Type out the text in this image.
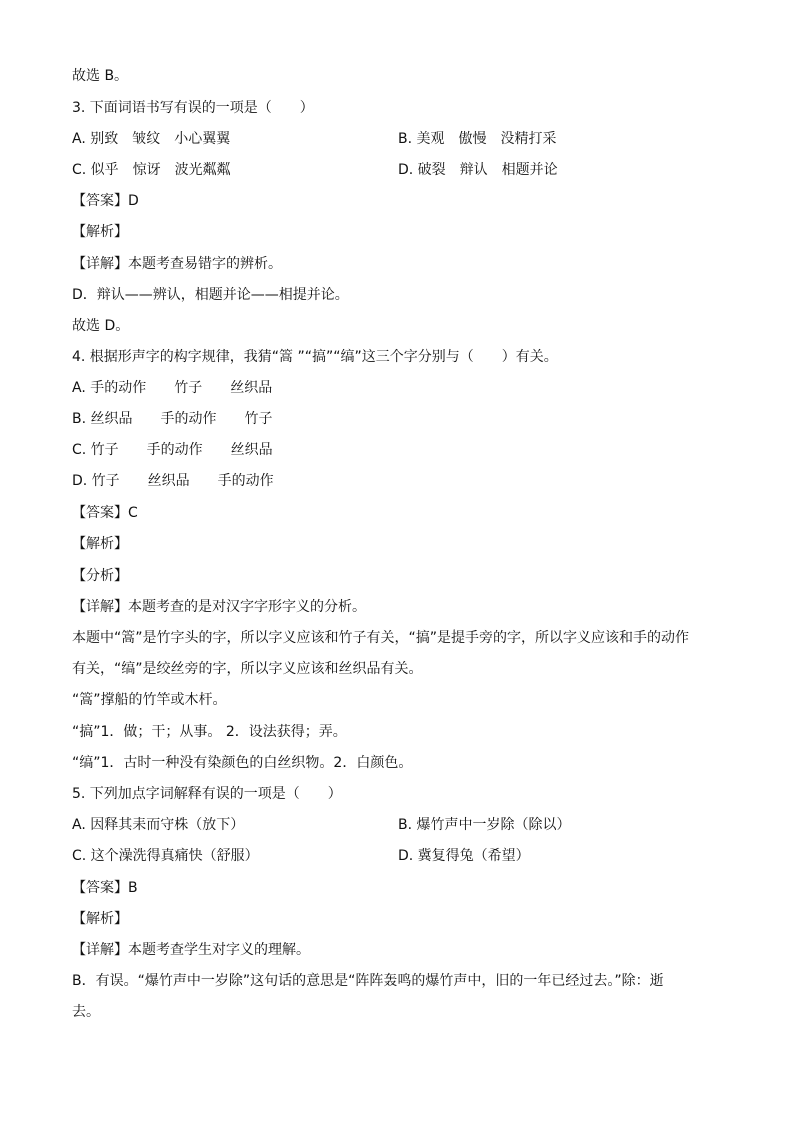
故选 B。
3. 下面词语书写有误的一项是（　　）
A. 别致　皱纹　小心翼翼	B. 美观　傲慢　没精打采
C. 似乎　惊讶　波光粼粼	D. 破裂　辩认　相题并论
【答案】D
【解析】
【详解】本题考查易错字的辨析。
D．辩认——辨认，相题并论——相提并论。
故选 D。
4. 根据形声字的构字规律，我猜“篙 ”“搞”“缟”这三个字分别与（　　）有关。
A. 手的动作　　竹子　　丝织品
B. 丝织品　　手的动作　　竹子
C. 竹子　　手的动作　　丝织品
D. 竹子　　丝织品　　手的动作
【答案】C
【解析】
【分析】
【详解】本题考查的是对汉字字形字义的分析。
本题中“篙”是竹字头的字，所以字义应该和竹子有关，“搞”是提手旁的字，所以字义应该和手的动作
有关，“缟”是绞丝旁的字，所以字义应该和丝织品有关。
“篙”撑船的竹竿或木杆。
“搞”1．做；干；从事。 2．设法获得；弄。
“缟”1．古时一种没有染颜色的白丝织物。2．白颜色。
5. 下列加点字词解释有误的一项是（　　）
A. 因释其耒而守株（放下）	B. 爆竹声中一岁除（除以）
C. 这个澡洗得真痛快（舒服）	D. 冀复得兔（希望）
【答案】B
【解析】
【详解】本题考查学生对字义的理解。
B．有误。“爆竹声中一岁除”这句话的意思是“阵阵轰鸣的爆竹声中，旧的一年已经过去。”除：逝
去。
